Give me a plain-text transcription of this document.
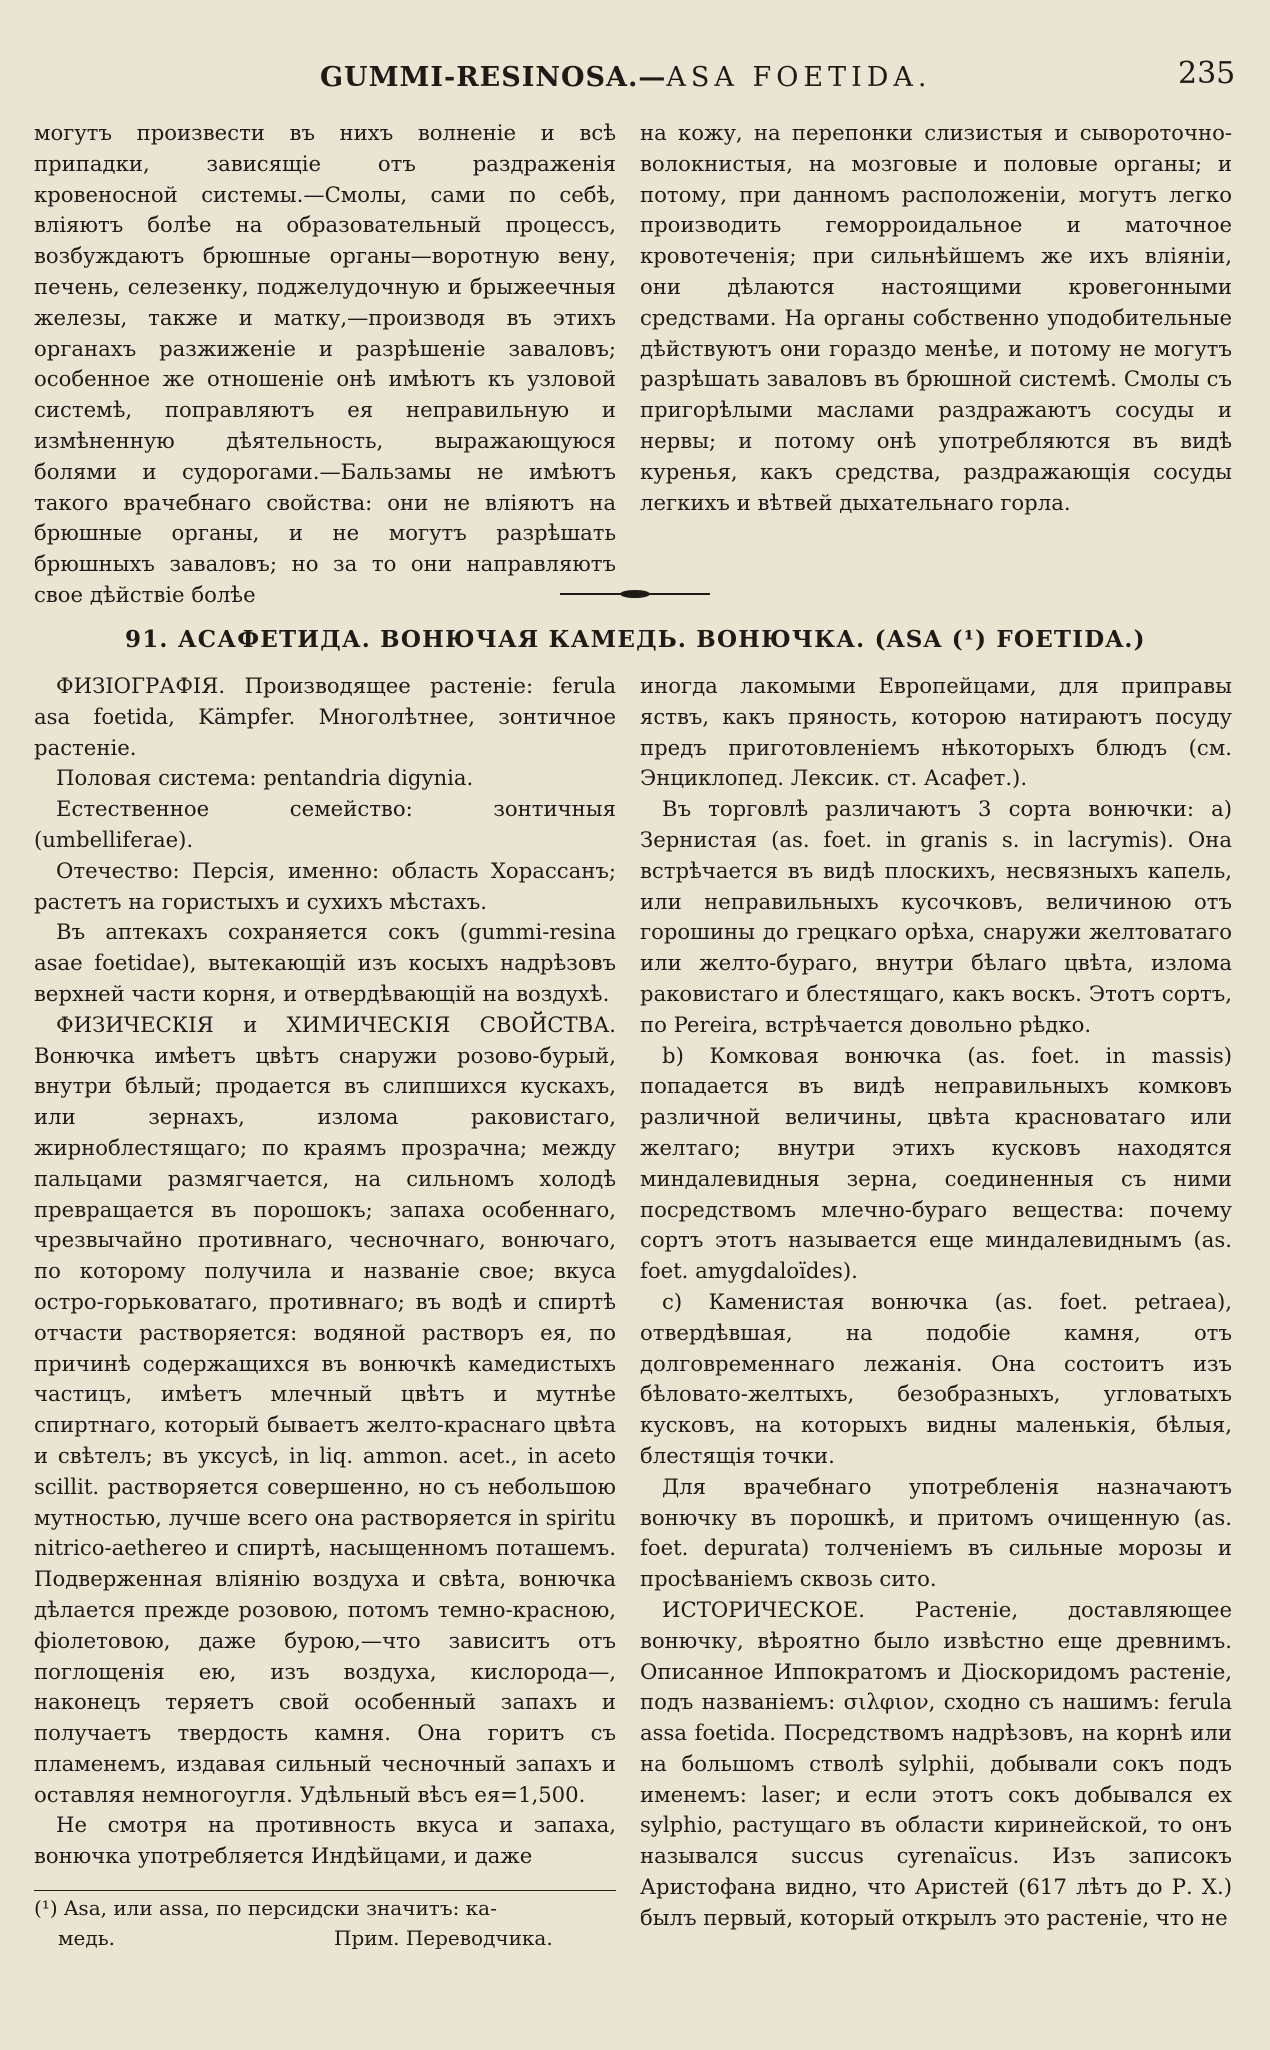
GUMMI-RESINOSA.—ASA FOETIDA.	235

могутъ произвести въ нихъ волненіе и всѣ припадки, зависящіе отъ раздраженія кровеносной системы.—Смолы, сами по себѣ, вліяютъ болѣе на образовательный процессъ, возбуждаютъ брюшные органы—воротную вену, печень, селезенку, поджелудочную и брыжеечныя железы, также и матку,—производя въ этихъ органахъ разжиженіе и разрѣшеніе заваловъ; особенное же отношеніе онѣ имѣютъ къ узловой системѣ, поправляютъ ея неправильную и измѣненную дѣятельность, выражающуюся болями и судорогами.—Бальзамы не имѣютъ такого врачебнаго свойства: они не вліяютъ на брюшные органы, и не могутъ разрѣшать брюшныхъ заваловъ; но за то они направляютъ свое дѣйствіе болѣе

на кожу, на перепонки слизистыя и сывороточно-волокнистыя, на мозговые и половые органы; и потому, при данномъ расположеніи, могутъ легко производить геморроидальное и маточное кровотеченія; при сильнѣйшемъ же ихъ вліяніи, они дѣлаются настоящими кровегонными средствами. На органы собственно уподобительные дѣйствуютъ они гораздо менѣе, и потому не могутъ разрѣшать заваловъ въ брюшной системѣ. Смолы съ пригорѣлыми маслами раздражаютъ сосуды и нервы; и потому онѣ употребляются въ видѣ куренья, какъ средства, раздражающія сосуды легкихъ и вѣтвей дыхательнаго горла.

91. АСАФЕТИДА. ВОНЮЧАЯ КАМЕДЬ. ВОНЮЧКА. (ASA (¹) FOETIDA.)

ФИЗІОГРАФІЯ. Производящее растеніе: ferula asa foetida, Kämpfer. Многолѣтнее, зонтичное растеніе.

Половая система: pentandria digynia.

Естественное семейство: зонтичныя (umbelliferae).

Отечество: Персія, именно: область Хорассанъ; растетъ на гористыхъ и сухихъ мѣстахъ.

Въ аптекахъ сохраняется сокъ (gummi-resina asae foetidae), вытекающій изъ косыхъ надрѣзовъ верхней части корня, и отвердѣвающій на воздухѣ.

ФИЗИЧЕСКІЯ и ХИМИЧЕСКІЯ СВОЙСТВА. Вонючка имѣетъ цвѣтъ снаружи розово-бурый, внутри бѣлый; продается въ слипшихся кускахъ, или зернахъ, излома раковистаго, жирноблестящаго; по краямъ прозрачна; между пальцами размягчается, на сильномъ холодѣ превращается въ порошокъ; запаха особеннаго, чрезвычайно противнаго, чесночнаго, вонючаго, по которому получила и названіе свое; вкуса остро-горьковатаго, противнаго; въ водѣ и спиртѣ отчасти растворяется: водяной растворъ ея, по причинѣ содержащихся въ вонючкѣ камедистыхъ частицъ, имѣетъ млечный цвѣтъ и мутнѣе спиртнаго, который бываетъ желто-краснаго цвѣта и свѣтелъ; въ уксусѣ, in liq. ammon. acet., in aceto scillit. растворяется совершенно, но съ небольшою мутностью, лучше всего она растворяется in spiritu nitrico-aethereo и спиртѣ, насыщенномъ поташемъ. Подверженная вліянію воздуха и свѣта, вонючка дѣлается прежде розовою, потомъ темно-красною, фіолетовою, даже бурою,—что зависитъ отъ поглощенія ею, изъ воздуха, кислорода—, наконецъ теряетъ свой особенный запахъ и получаетъ твердость камня. Она горитъ съ пламенемъ, издавая сильный чесночный запахъ и оставляя немногоугля. Удѣльный вѣсъ ея=1,500.

Не смотря на противность вкуса и запаха, вонючка употребляется Индѣйцами, и даже

иногда лакомыми Европейцами, для приправы яствъ, какъ пряность, которою натираютъ посуду предъ приготовленіемъ нѣкоторыхъ блюдъ (см. Энциклопед. Лексик. ст. Асафет.).

Въ торговлѣ различаютъ 3 сорта вонючки: а) Зернистая (as. foet. in granis s. in lacrymis). Она встрѣчается въ видѣ плоскихъ, несвязныхъ капель, или неправильныхъ кусочковъ, величиною отъ горошины до грецкаго орѣха, снаружи желтоватаго или желто-бураго, внутри бѣлаго цвѣта, излома раковистаго и блестящаго, какъ воскъ. Этотъ сортъ, по Pereira, встрѣчается довольно рѣдко.

b) Комковая вонючка (as. foet. in massis) попадается въ видѣ неправильныхъ комковъ различной величины, цвѣта красноватаго или желтаго; внутри этихъ кусковъ находятся миндалевидныя зерна, соединенныя съ ними посредствомъ млечно-бураго вещества: почему сортъ этотъ называется еще миндалевиднымъ (as. foet. amygdaloïdes).

c) Каменистая вонючка (as. foet. petraea), отвердѣвшая, на подобіе камня, отъ долговременнаго лежанія. Она состоитъ изъ бѣловато-желтыхъ, безобразныхъ, угловатыхъ кусковъ, на которыхъ видны маленькія, бѣлыя, блестящія точки.

Для врачебнаго употребленія назначаютъ вонючку въ порошкѣ, и притомъ очищенную (as. foet. depurata) толченіемъ въ сильные морозы и просѣваніемъ сквозь сито.

ИСТОРИЧЕСКОЕ. Растеніе, доставляющее вонючку, вѣроятно было извѣстно еще древнимъ. Описанное Иппократомъ и Діоскоридомъ растеніе, подъ названіемъ: σιλφιον, сходно съ нашимъ: ferula assa foetida. Посредствомъ надрѣзовъ, на корнѣ или на большомъ стволѣ sylphii, добывали сокъ подъ именемъ: laser; и если этотъ сокъ добывался ex sylphio, растущаго въ области киринейской, то онъ назывался succus cyrenaïcus. Изъ записокъ Аристофана видно, что Аристей (617 лѣтъ до Р. Х.) былъ первый, который открылъ это растеніе, что не

(¹) Asa, или assa, по персидски значитъ: ка-

медь.	Прим. Переводчика.
